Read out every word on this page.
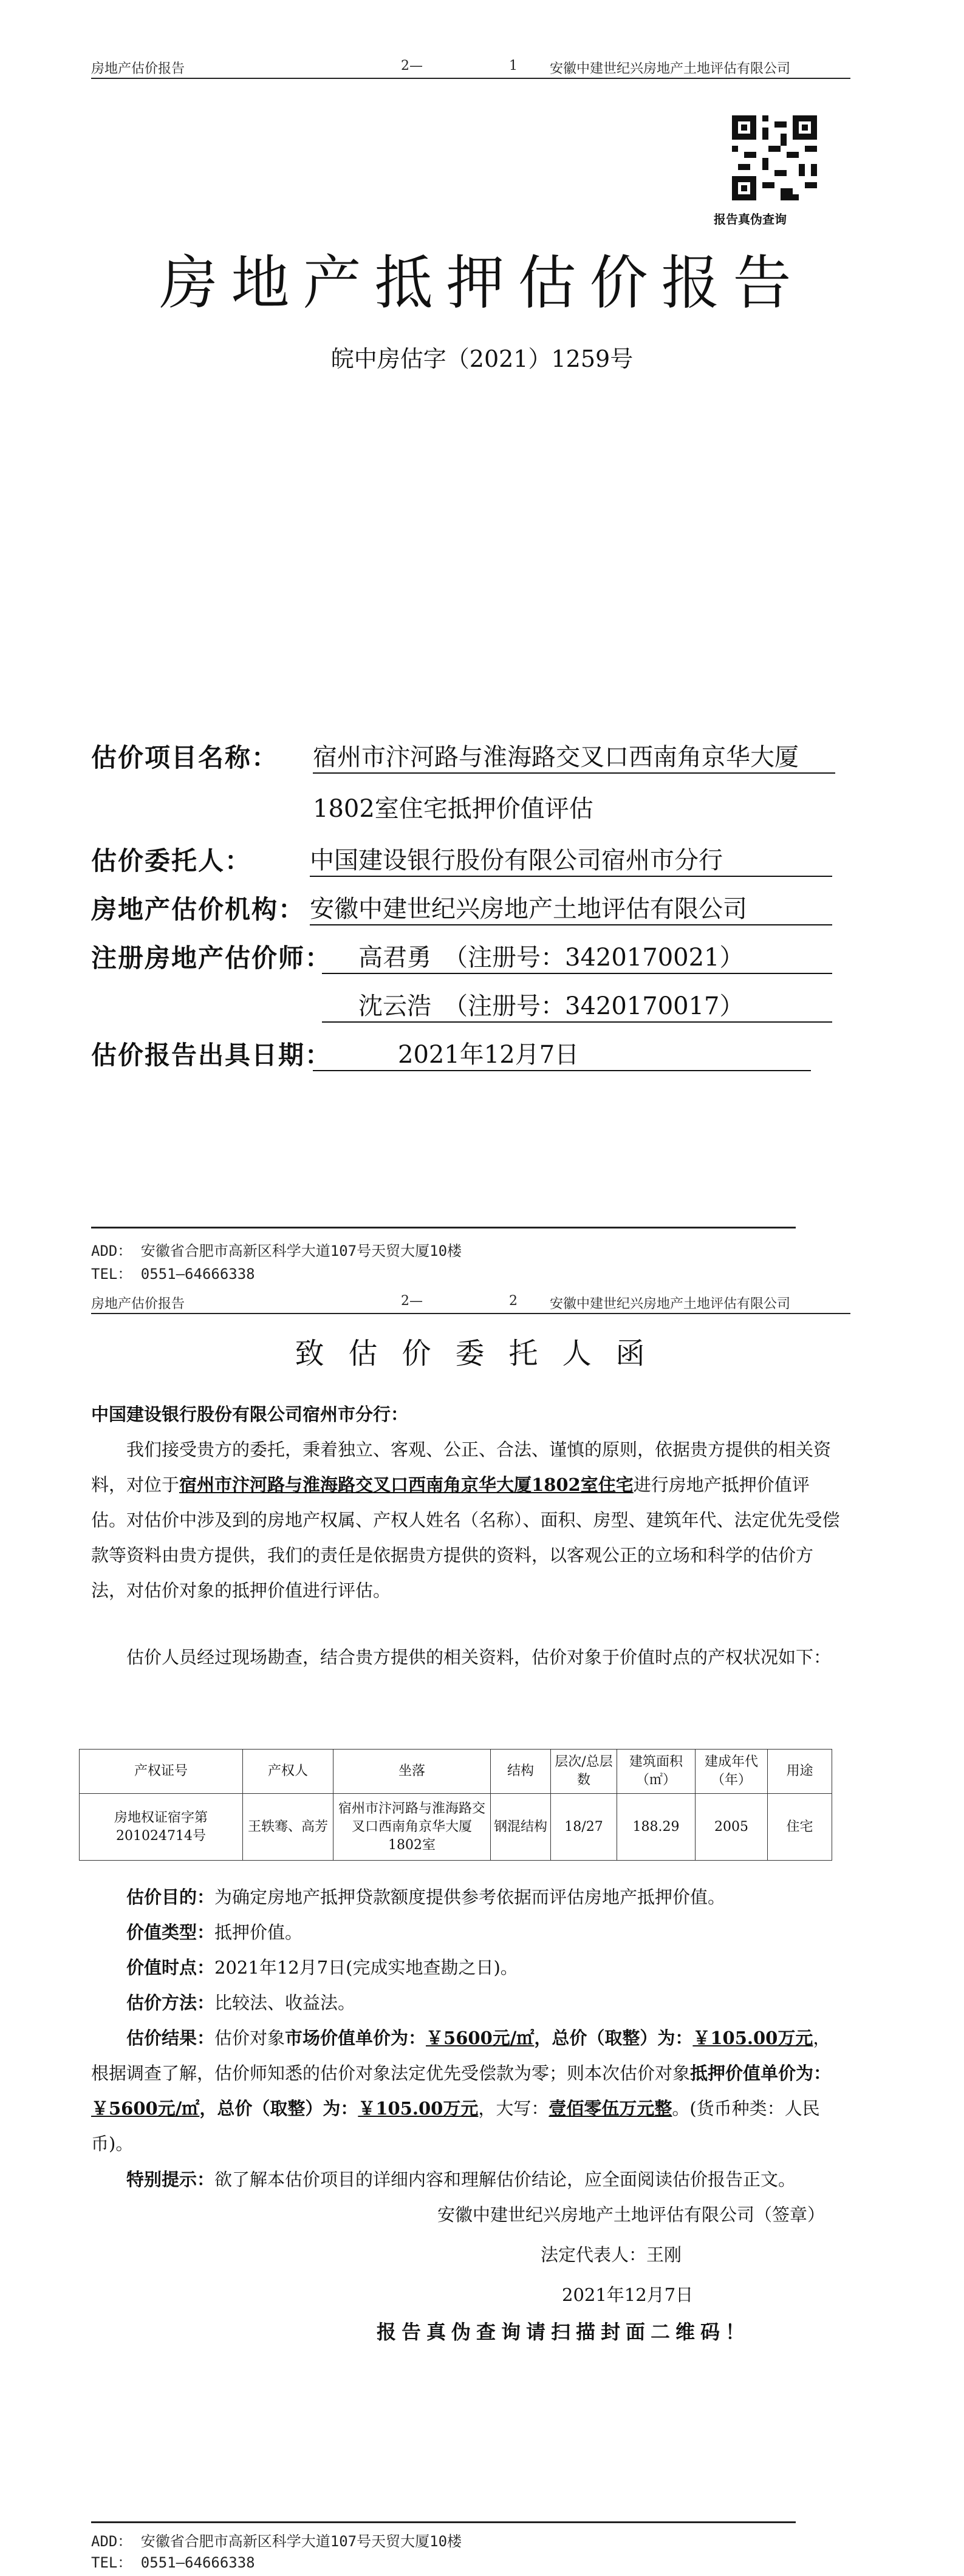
房地产估价报告	2—	1 安徽中建世纪兴房地产土地评估有限公司
报告真伪查询
房地产抵押估价报告
皖中房估字（2021）1259号
估价项目名称： 宿州市汴河路与淮海路交叉口西南角京华大厦
1802室住宅抵押价值评估
估价委托人： 中国建设银行股份有限公司宿州市分行
房地产估价机构： 安徽中建世纪兴房地产土地评估有限公司
注册房地产估价师：	高君勇　（注册号：3420170021）
沈云浩　（注册号：3420170017）
估价报告出具日期：	2021年12月7日
ADD： 安徽省合肥市高新区科学大道107号天贸大厦10楼
TEL： 0551—64666338
房地产估价报告	2—	2 安徽中建世纪兴房地产土地评估有限公司
致估价委托人函
中国建设银行股份有限公司宿州市分行：
我们接受贵方的委托，秉着独立、客观、公正、合法、谨慎的原则，依据贵方提供的相关资料，对位于宿州市汴河路与淮海路交叉口西南角京华大厦1802室住宅进行房地产抵押价值评估。对估价中涉及到的房地产权属、产权人姓名（名称）、面积、房型、建筑年代、法定优先受偿款等资料由贵方提供，我们的责任是依据贵方提供的资料，以客观公正的立场和科学的估价方法，对估价对象的抵押价值进行评估。
估价人员经过现场勘查，结合贵方提供的相关资料，估价对象于价值时点的产权状况如下：
产权证号	产权人	坐落	结构	层次/总层数	建筑面积（㎡）	建成年代（年）	用途
房地权证宿字第201024714号	王轶骞、高芳	宿州市汴河路与淮海路交叉口西南角京华大厦1802室	钢混结构	18/27	188.29	2005	住宅
估价目的：为确定房地产抵押贷款额度提供参考依据而评估房地产抵押价值。
价值类型：抵押价值。
价值时点：2021年12月7日(完成实地查勘之日)。
估价方法：比较法、收益法。
估价结果：估价对象市场价值单价为：￥5600元/㎡，总价（取整）为：￥105.00万元，根据调查了解，估价师知悉的估价对象法定优先受偿款为零；则本次估价对象抵押价值单价为：￥5600元/㎡，总价（取整）为：￥105.00万元，大写：壹佰零伍万元整。(货币种类：人民币)。
特别提示：欲了解本估价项目的详细内容和理解估价结论，应全面阅读估价报告正文。
安徽中建世纪兴房地产土地评估有限公司（签章）
法定代表人：王刚
2021年12月7日
报告真伪查询请扫描封面二维码！
ADD： 安徽省合肥市高新区科学大道107号天贸大厦10楼
TEL： 0551—64666338
